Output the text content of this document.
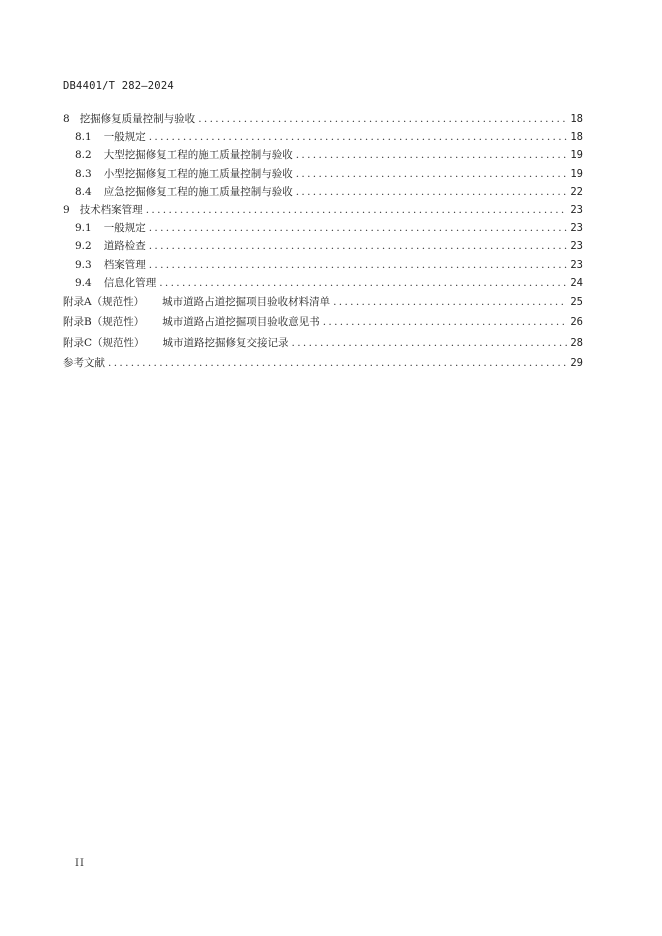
DB4401/T 282—2024
8 挖掘修复质量控制与验收 .....	18
8.1 一般规定 .....	18
8.2 大型挖掘修复工程的施工质量控制与验收 .....	19
8.3 小型挖掘修复工程的施工质量控制与验收 .....	19
8.4 应急挖掘修复工程的施工质量控制与验收 .....	22
9 技术档案管理 .....	23
9.1 一般规定 .....	23
9.2 道路检查 .....	23
9.3 档案管理 .....	23
9.4 信息化管理 .....	24
附录A（规范性） 城市道路占道挖掘项目验收材料清单 .....	25
附录B（规范性） 城市道路占道挖掘项目验收意见书 .....	26
附录C（规范性） 城市道路挖掘修复交接记录 .....	28
参考文献 .....	29
II
